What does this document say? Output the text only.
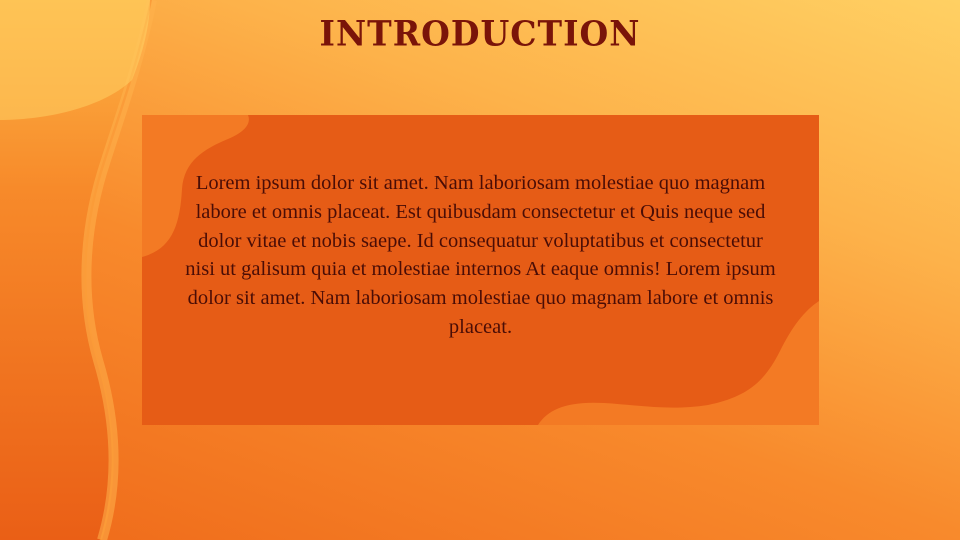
INTRODUCTION

Lorem ipsum dolor sit amet. Nam laboriosam molestiae quo magnam labore et omnis placeat. Est quibusdam consectetur et Quis neque sed dolor vitae et nobis saepe. Id consequatur voluptatibus et consectetur nisi ut galisum quia et molestiae internos At eaque omnis! Lorem ipsum dolor sit amet. Nam laboriosam molestiae quo magnam labore et omnis placeat.
